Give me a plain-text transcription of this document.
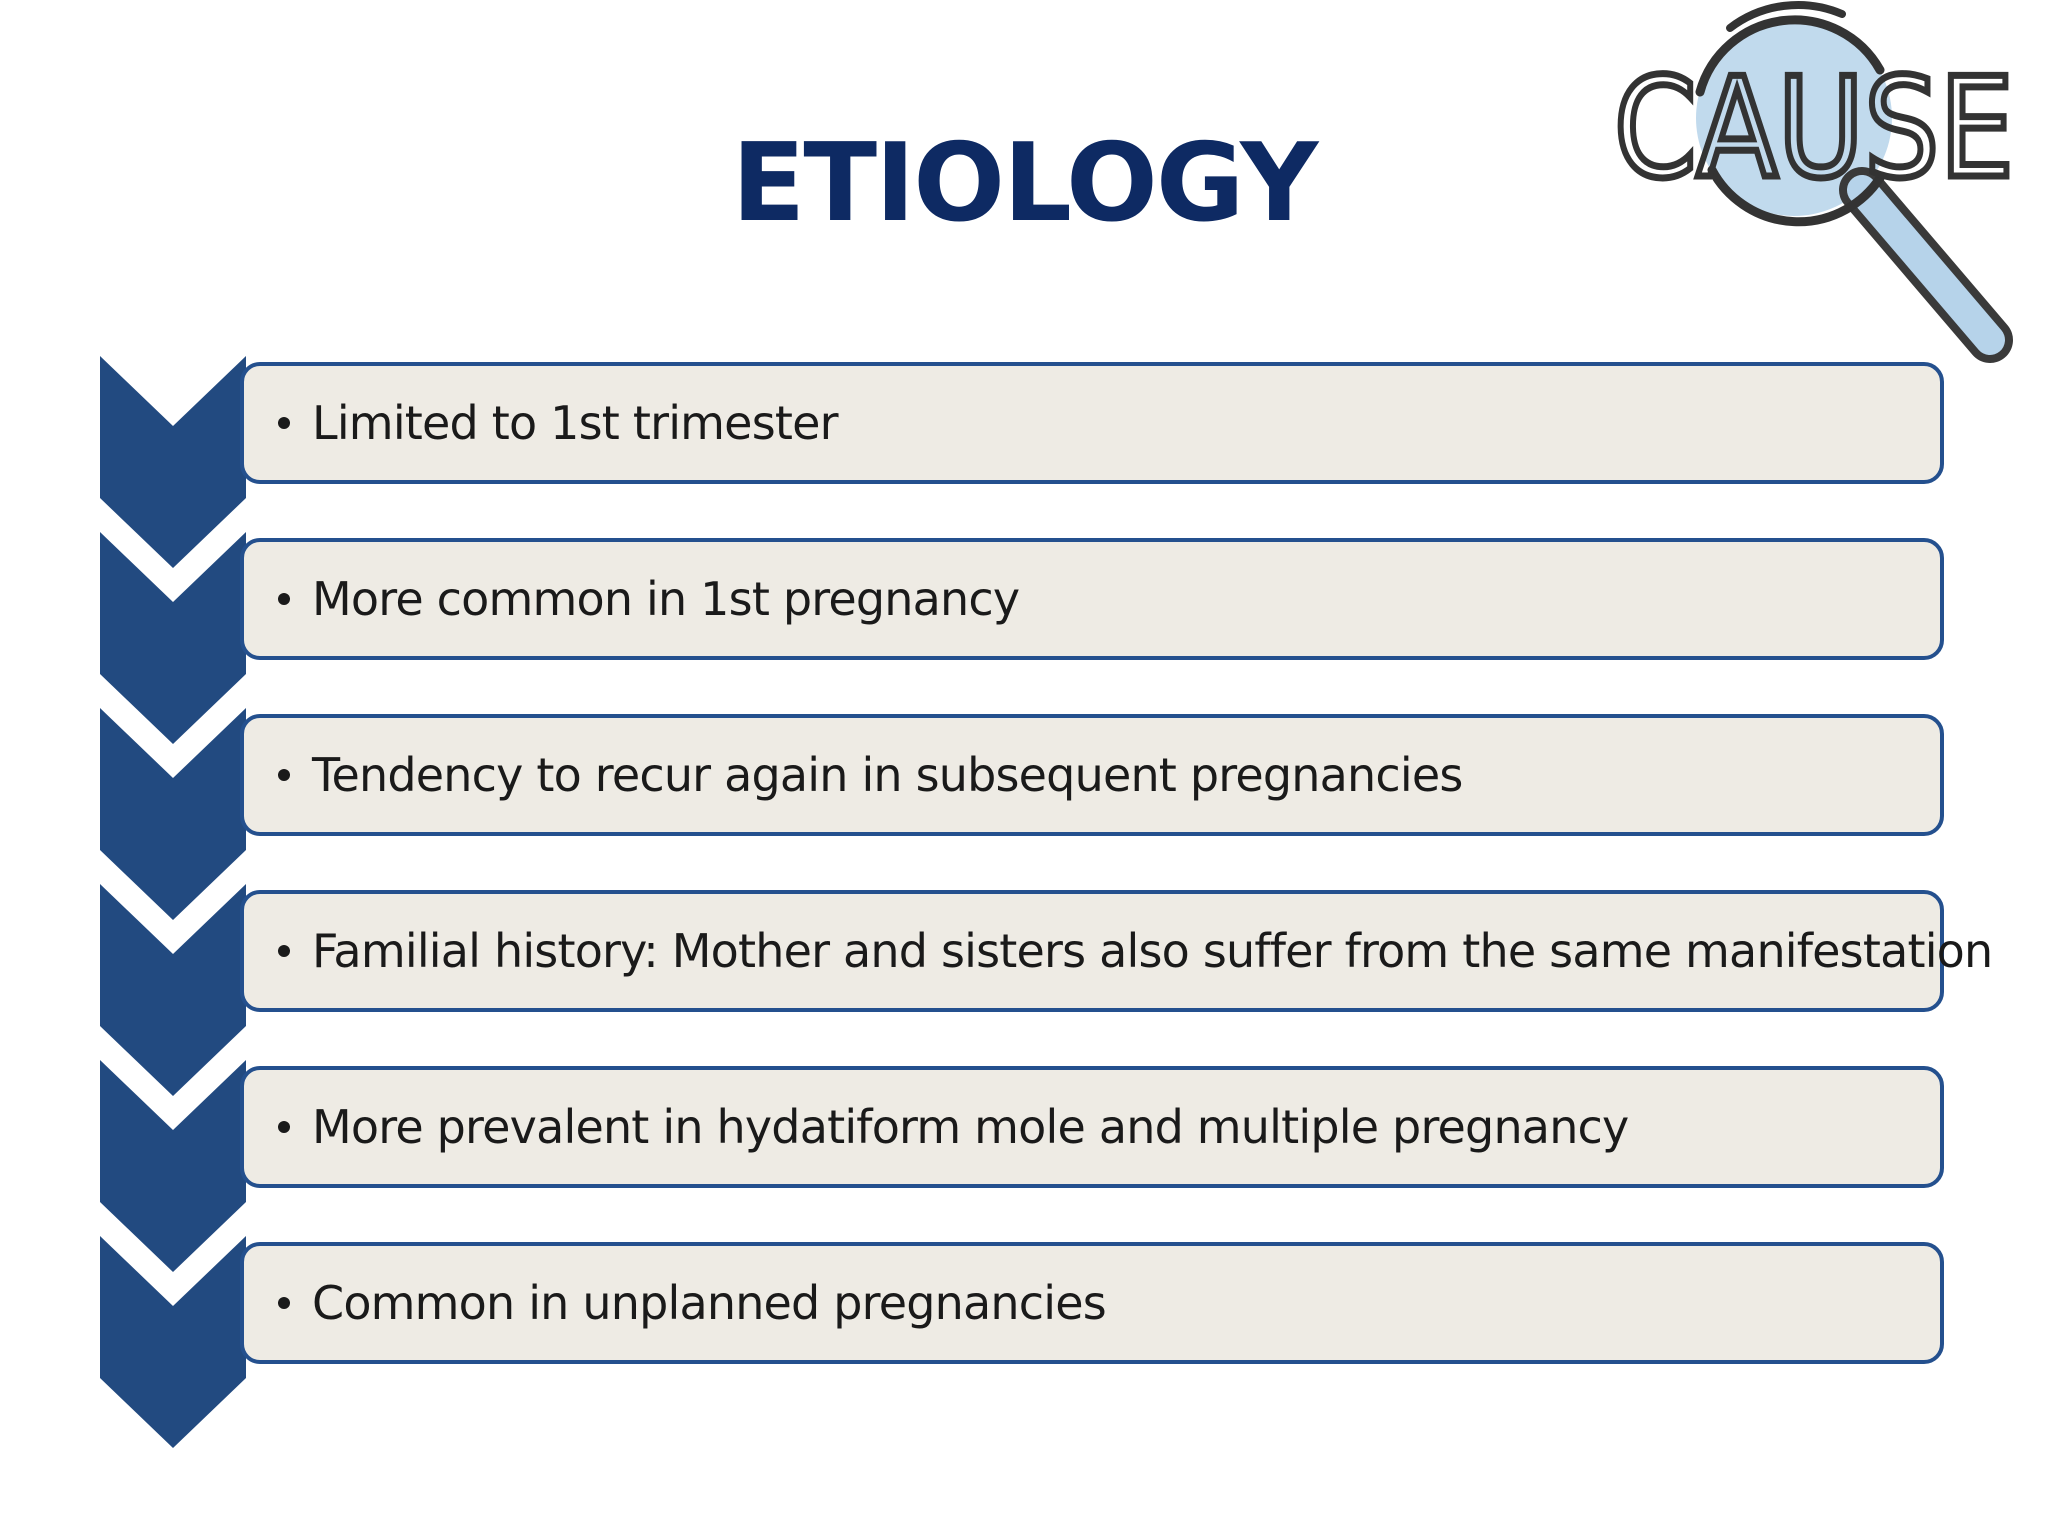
ETIOLOGY	CAUSE
Limited to 1st trimester
More common in 1st pregnancy
Tendency to recur again in subsequent pregnancies
Familial history: Mother and sisters also suffer from the same manifestation
More prevalent in hydatiform mole and multiple pregnancy
Common in unplanned pregnancies
